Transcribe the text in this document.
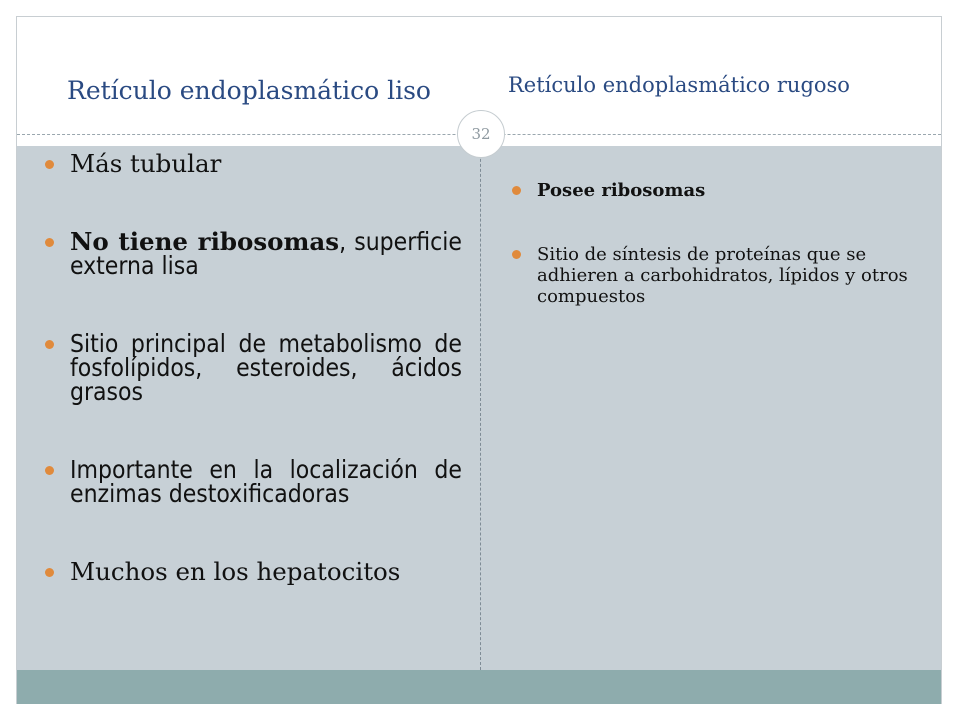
Retículo endoplasmático liso	Retículo endoplasmático rugoso
32
Más tubular
No tiene ribosomas, superficie externa lisa
Sitio principal de metabolismo de fosfolípidos, esteroides, ácidos grasos
Importante en la localización de enzimas destoxificadoras
Muchos en los hepatocitos
Posee ribosomas
Sitio de síntesis de proteínas que se adhieren a carbohidratos, lípidos y otros compuestos
